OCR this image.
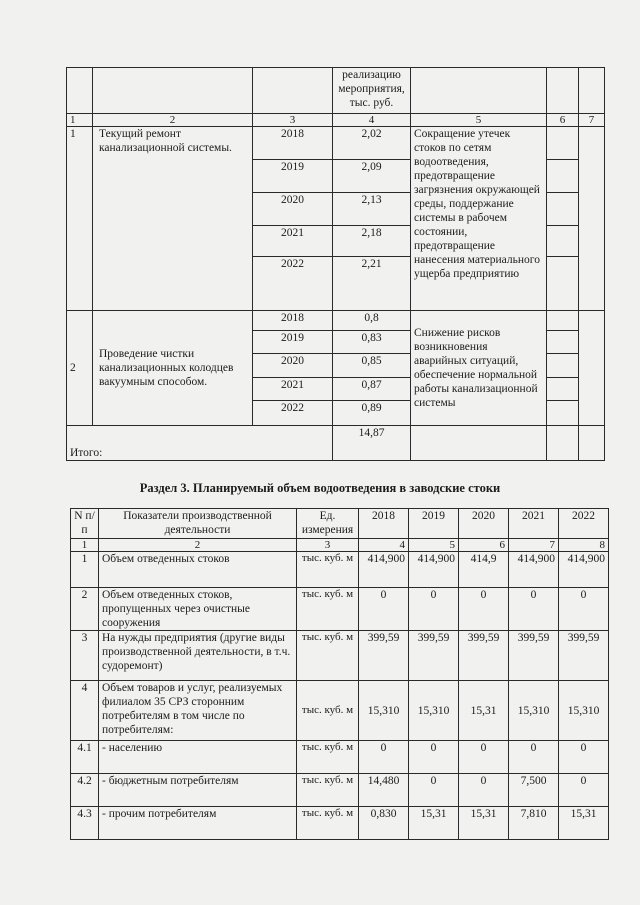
			реализацию мероприятия, тыс. руб.			
1	2	3	4	5	6	7
1	Текущий ремонт канализационной системы.	2018	2,02	Сокращение утечек стоков по сетям водоотведения, предотвращение загрязнения окружающей среды, поддержание системы в рабочем состоянии, предотвращение нанесения материального ущерба предприятию		
		2019	2,09			
		2020	2,13			
		2021	2,18			
		2022	2,21			
2	Проведение чистки канализационных колодцев вакуумным способом.	2018	0,8	Снижение рисков возникновения аварийных ситуаций, обеспечение нормальной работы канализационной системы		
		2019	0,83			
		2020	0,85			
		2021	0,87			
		2022	0,89			
Итого:			14,87			
Раздел 3. Планируемый объем водоотведения в заводские стоки
N п/п	Показатели производственной деятельности	Ед. измерения	2018	2019	2020	2021	2022
1	2	3	4	5	6	7	8
1	Объем отведенных стоков	тыс. куб. м	414,900	414,900	414,9	414,900	414,900
2	Объем отведенных стоков, пропущенных через очистные сооружения	тыс. куб. м	0	0	0	0	0
3	На нужды предприятия (другие виды производственной деятельности, в т.ч. судоремонт)	тыс. куб. м	399,59	399,59	399,59	399,59	399,59
4	Объем товаров и услуг, реализуемых филиалом 35 СРЗ сторонним потребителям в том числе по потребителям:	тыс. куб. м	15,310	15,310	15,31	15,310	15,310
4.1	- населению	тыс. куб. м	0	0	0	0	0
4.2	- бюджетным потребителям	тыс. куб. м	14,480	0	0	7,500	0
4.3	- прочим потребителям	тыс. куб. м	0,830	15,31	15,31	7,810	15,31
